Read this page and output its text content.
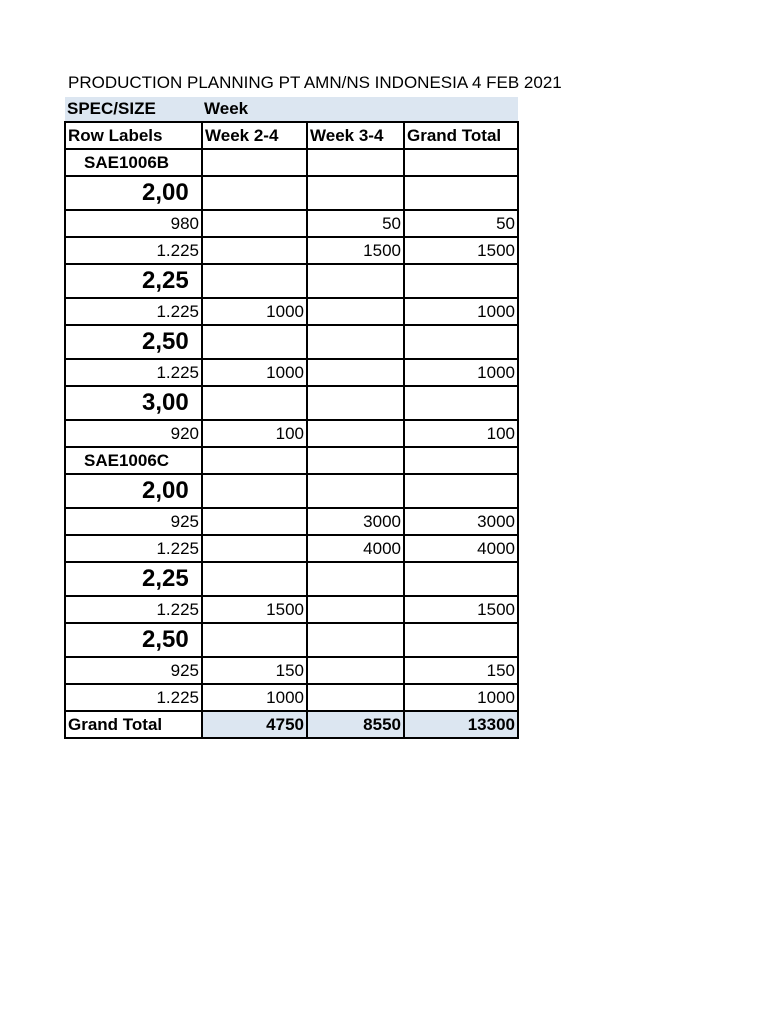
PRODUCTION PLANNING PT AMN/NS INDONESIA 4 FEB 2021
SPEC/SIZE	Week		
Row Labels	Week 2-4	Week 3-4	Grand Total
SAE1006B			
2,00			
980		50	50
1.225		1500	1500
2,25			
1.225	1000		1000
2,50			
1.225	1000		1000
3,00			
920	100		100
SAE1006C			
2,00			
925		3000	3000
1.225		4000	4000
2,25			
1.225	1500		1500
2,50			
925	150		150
1.225	1000		1000
Grand Total	4750	8550	13300
